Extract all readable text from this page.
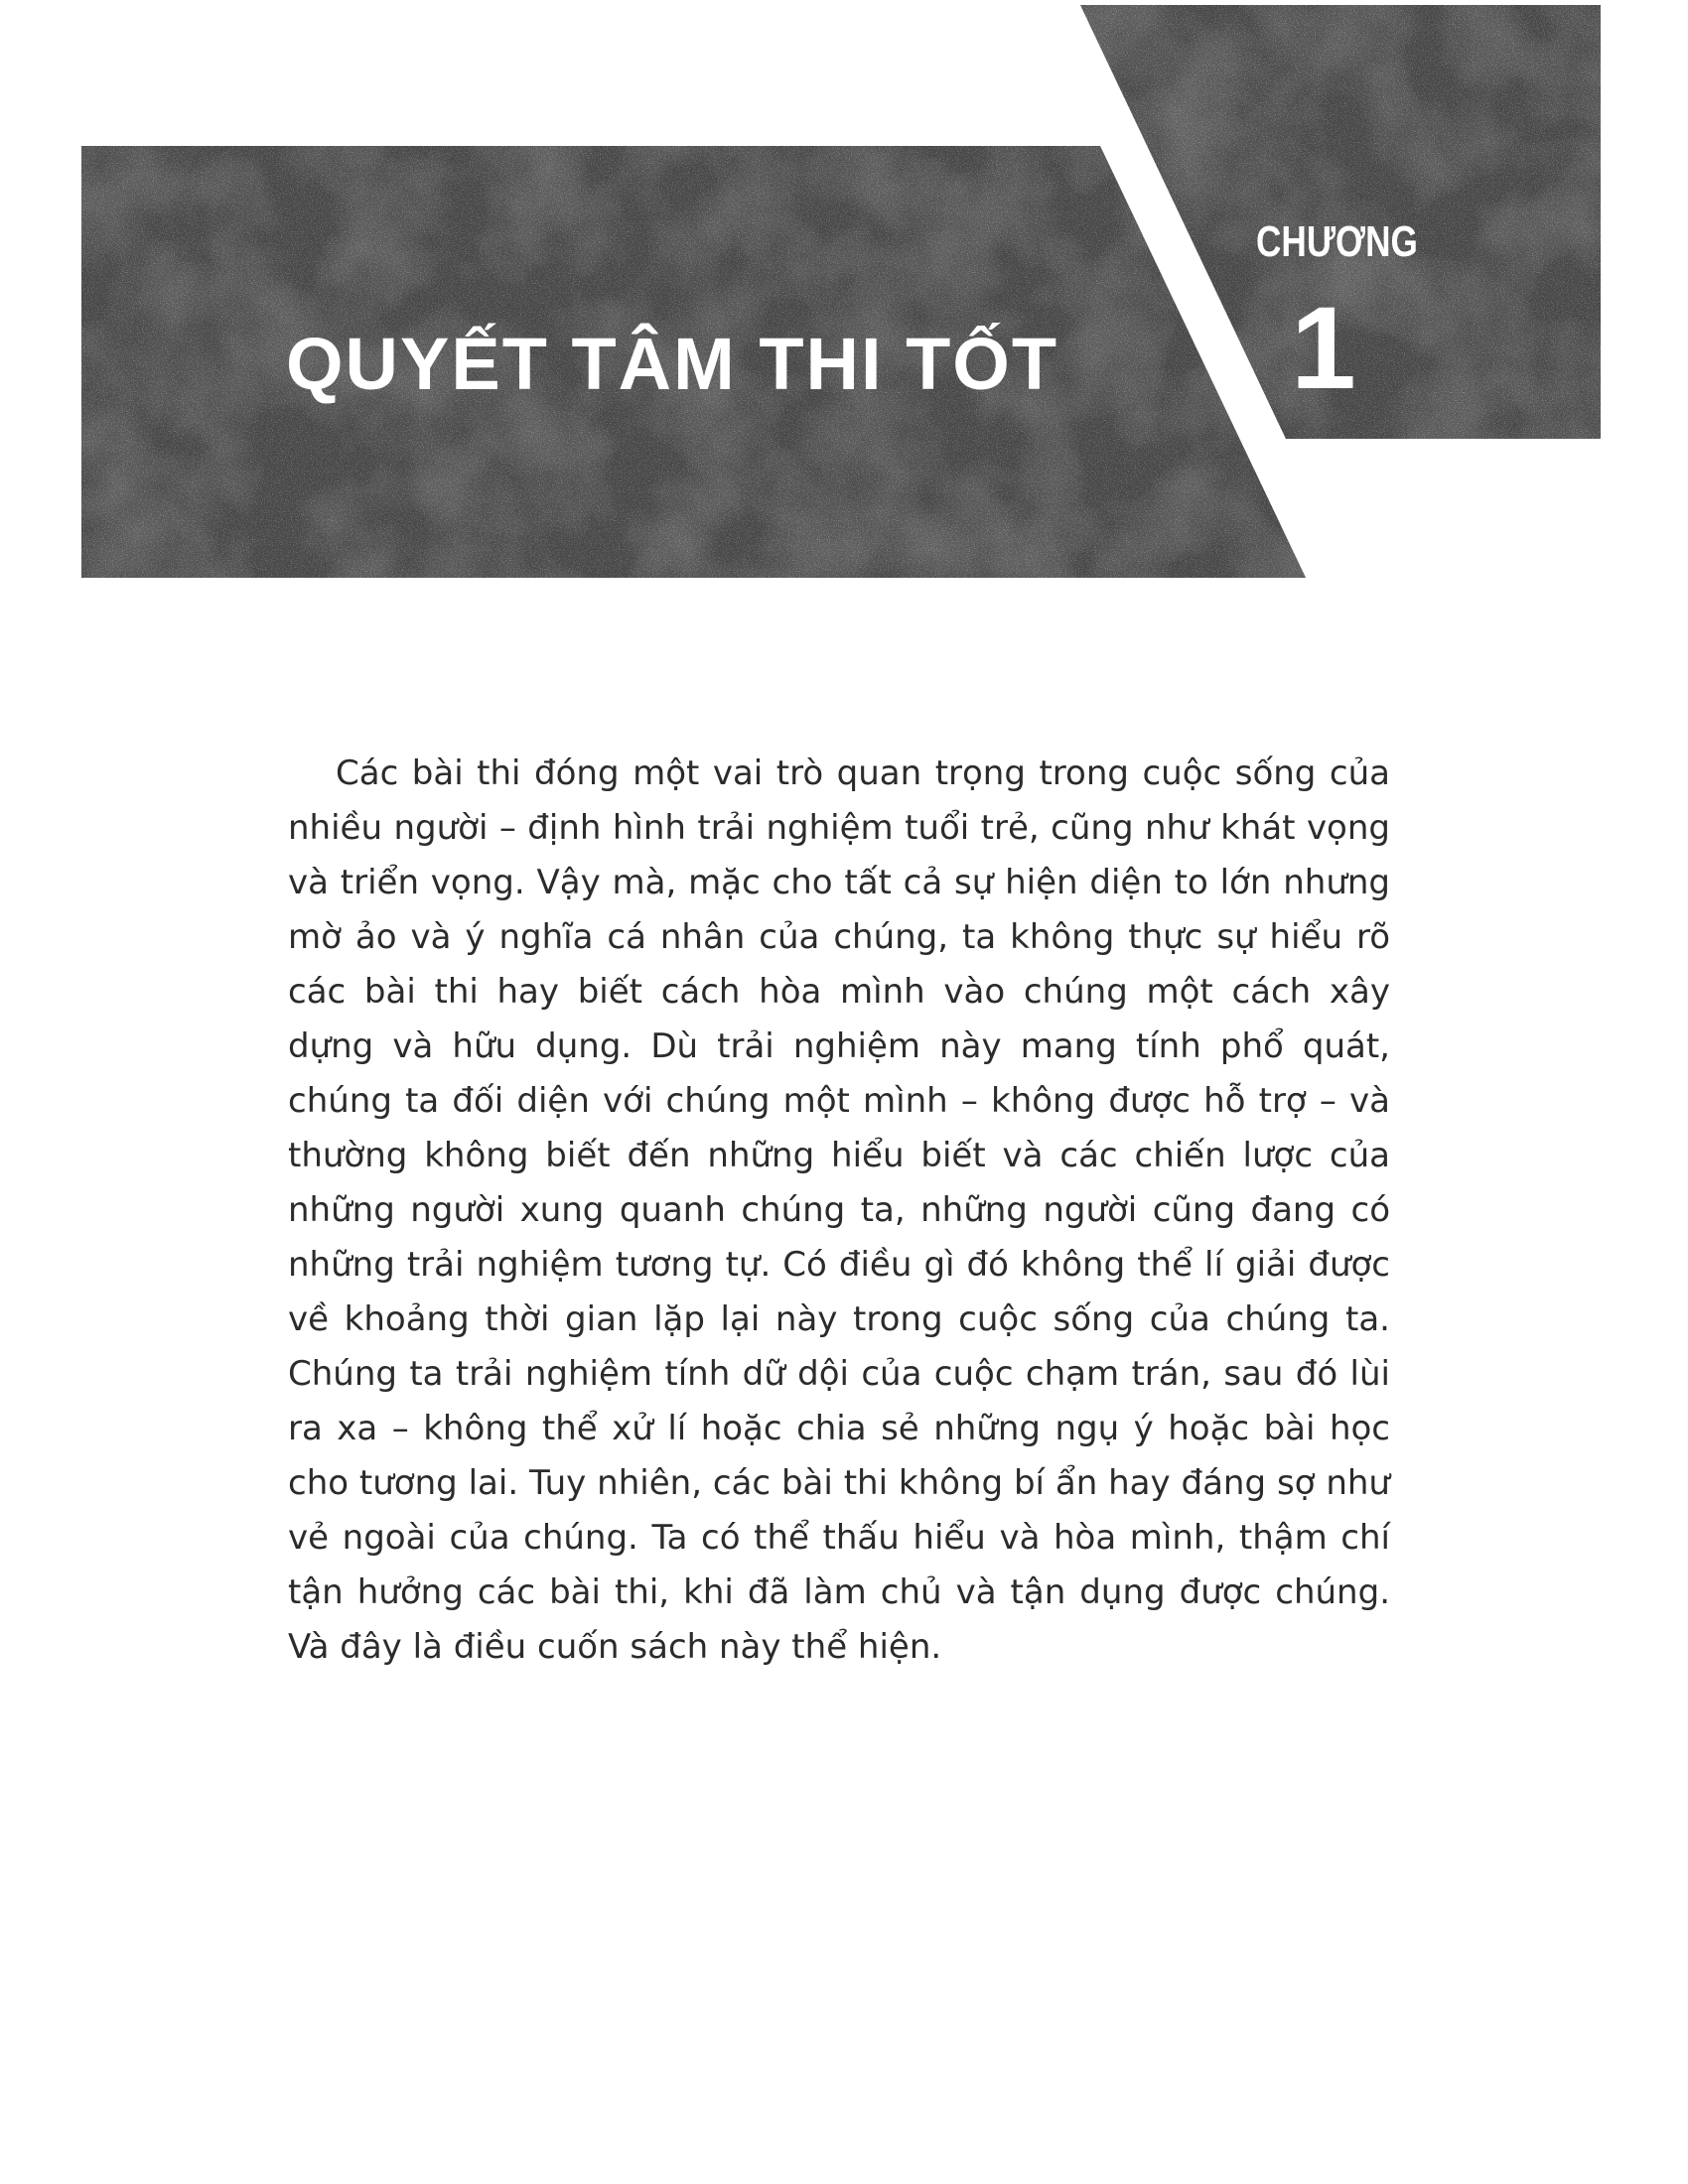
CHƯƠNG
1
QUYẾT TÂM THI TỐT

Các bài thi đóng một vai trò quan trọng trong cuộc sống của nhiều người – định hình trải nghiệm tuổi trẻ, cũng như khát vọng và triển vọng. Vậy mà, mặc cho tất cả sự hiện diện to lớn nhưng mờ ảo và ý nghĩa cá nhân của chúng, ta không thực sự hiểu rõ các bài thi hay biết cách hòa mình vào chúng một cách xây dựng và hữu dụng. Dù trải nghiệm này mang tính phổ quát, chúng ta đối diện với chúng một mình – không được hỗ trợ – và thường không biết đến những hiểu biết và các chiến lược của những người xung quanh chúng ta, những người cũng đang có những trải nghiệm tương tự. Có điều gì đó không thể lí giải được về khoảng thời gian lặp lại này trong cuộc sống của chúng ta. Chúng ta trải nghiệm tính dữ dội của cuộc chạm trán, sau đó lùi ra xa – không thể xử lí hoặc chia sẻ những ngụ ý hoặc bài học cho tương lai. Tuy nhiên, các bài thi không bí ẩn hay đáng sợ như vẻ ngoài của chúng. Ta có thể thấu hiểu và hòa mình, thậm chí tận hưởng các bài thi, khi đã làm chủ và tận dụng được chúng. Và đây là điều cuốn sách này thể hiện.
